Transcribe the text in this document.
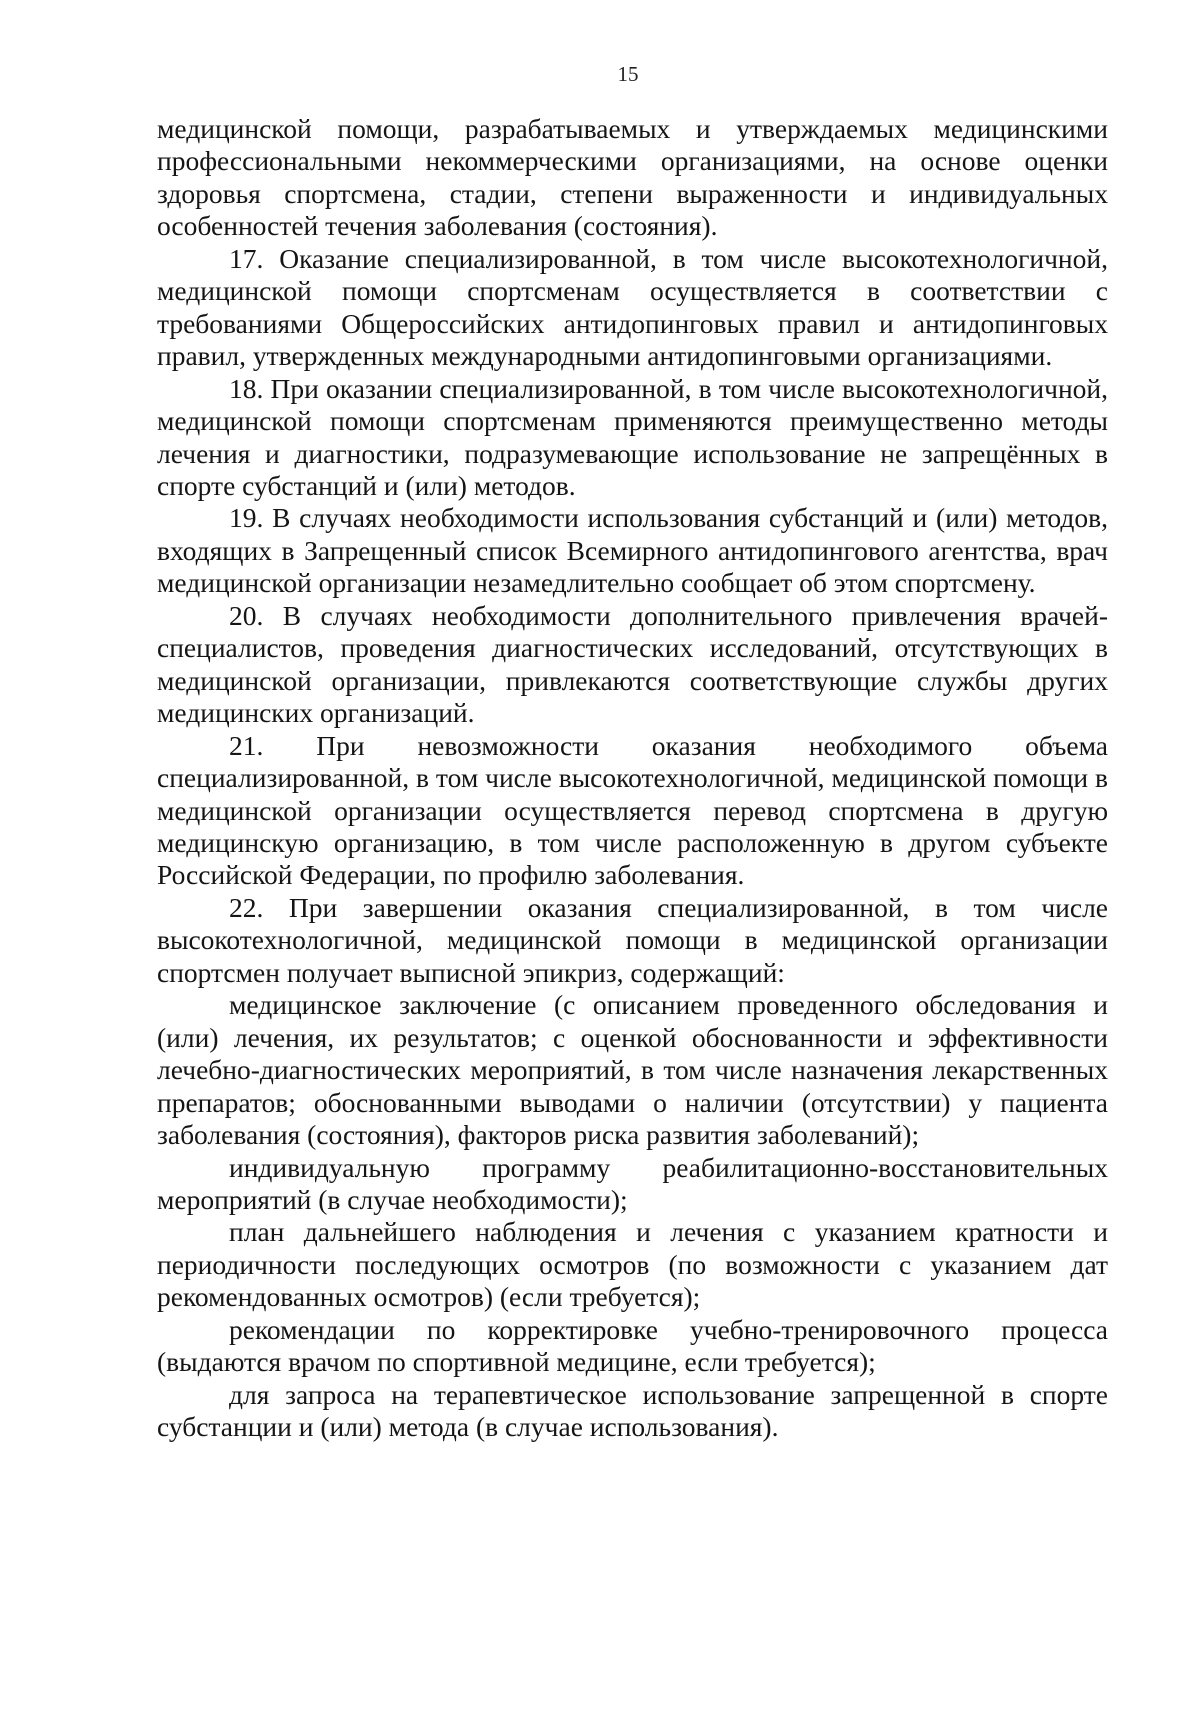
15

медицинской помощи, разрабатываемых и утверждаемых медицинскими профессиональными некоммерческими организациями, на основе оценки здоровья спортсмена, стадии, степени выраженности и индивидуальных особенностей течения заболевания (состояния).

17. Оказание специализированной, в том числе высокотехнологичной, медицинской помощи спортсменам осуществляется в соответствии с требованиями Общероссийских антидопинговых правил и антидопинговых правил, утвержденных международными антидопинговыми организациями.

18. При оказании специализированной, в том числе высокотехнологичной, медицинской помощи спортсменам применяются преимущественно методы лечения и диагностики, подразумевающие использование не запрещённых в спорте субстанций и (или) методов.

19. В случаях необходимости использования субстанций и (или) методов, входящих в Запрещенный список Всемирного антидопингового агентства, врач медицинской организации незамедлительно сообщает об этом спортсмену.

20. В случаях необходимости дополнительного привлечения врачей-специалистов, проведения диагностических исследований, отсутствующих в медицинской организации, привлекаются соответствующие службы других медицинских организаций.

21. При невозможности оказания необходимого объема специализированной, в том числе высокотехнологичной, медицинской помощи в медицинской организации осуществляется перевод спортсмена в другую медицинскую организацию, в том числе расположенную в другом субъекте Российской Федерации, по профилю заболевания.

22. При завершении оказания специализированной, в том числе высокотехнологичной, медицинской помощи в медицинской организации спортсмен получает выписной эпикриз, содержащий:

медицинское заключение (с описанием проведенного обследования и (или) лечения, их результатов; с оценкой обоснованности и эффективности лечебно-диагностических мероприятий, в том числе назначения лекарственных препаратов; обоснованными выводами о наличии (отсутствии) у пациента заболевания (состояния), факторов риска развития заболеваний);

индивидуальную программу реабилитационно-восстановительных мероприятий (в случае необходимости);

план дальнейшего наблюдения и лечения с указанием кратности и периодичности последующих осмотров (по возможности с указанием дат рекомендованных осмотров) (если требуется);

рекомендации по корректировке учебно-тренировочного процесса (выдаются врачом по спортивной медицине, если требуется);

для запроса на терапевтическое использование запрещенной в спорте субстанции и (или) метода (в случае использования).
